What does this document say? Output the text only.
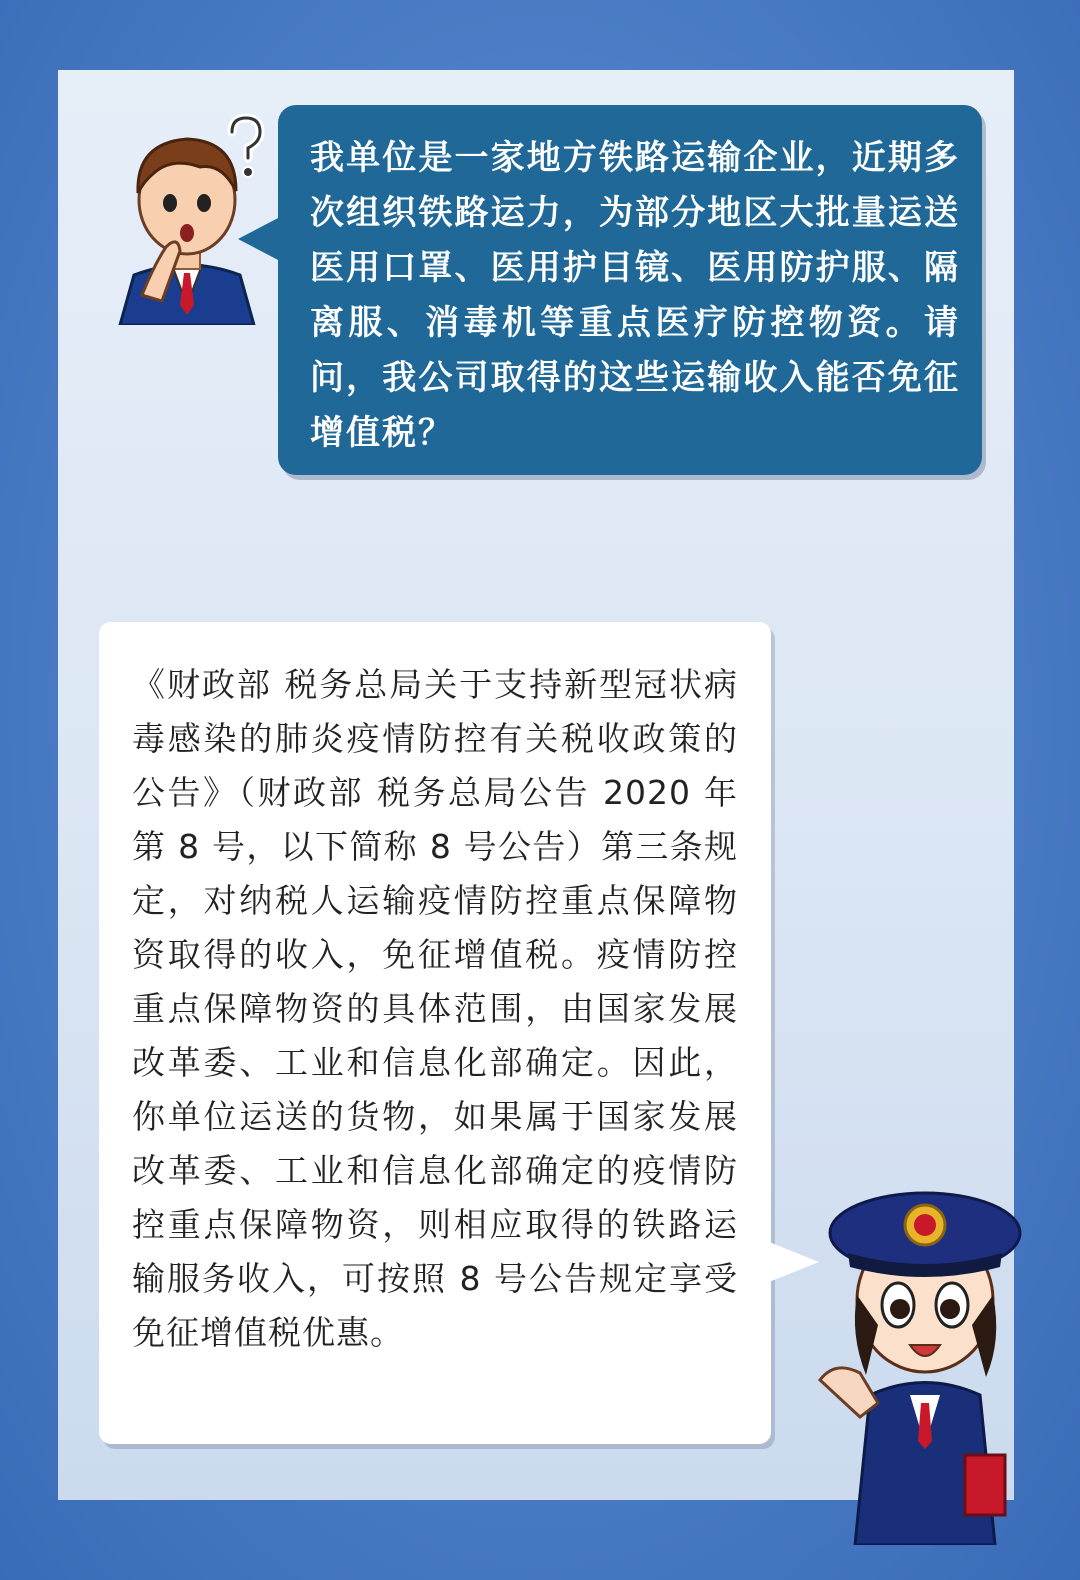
我单位是一家地方铁路运输企业，近期多次组织铁路运力，为部分地区大批量运送医用口罩、医用护目镜、医用防护服、隔离服、消毒机等重点医疗防控物资。请问，我公司取得的这些运输收入能否免征增值税？

《财政部 税务总局关于支持新型冠状病毒感染的肺炎疫情防控有关税收政策的公告》（财政部 税务总局公告 2020 年第 8 号，以下简称 8 号公告）第三条规定，对纳税人运输疫情防控重点保障物资取得的收入，免征增值税。疫情防控重点保障物资的具体范围，由国家发展改革委、工业和信息化部确定。因此，你单位运送的货物，如果属于国家发展改革委、工业和信息化部确定的疫情防控重点保障物资，则相应取得的铁路运输服务收入，可按照 8 号公告规定享受免征增值税优惠。
